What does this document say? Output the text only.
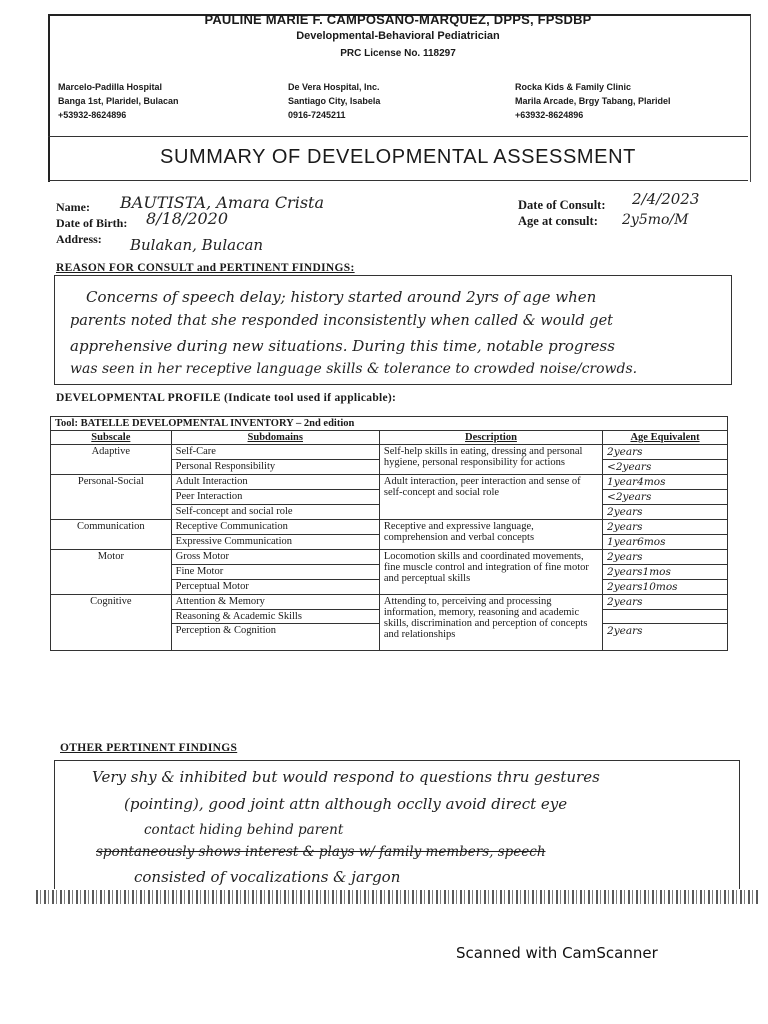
PAULINE MARIE F. CAMPOSANO-MARQUEZ, DPPS, FPSDBP
Developmental-Behavioral Pediatrician
PRC License No. 118297
Marcelo-Padilla Hospital
Banga 1st, Plaridel, Bulacan
+53932-8624896
De Vera Hospital, Inc.
Santiago City, Isabela
0916-7245211
Rocka Kids & Family Clinic
Marila Arcade, Brgy Tabang, Plaridel
+63932-8624896
SUMMARY OF DEVELOPMENTAL ASSESSMENT
Name: BAUTISTA, Amara Crista
Date of Birth: 8/18/2020
Address: Bulakan, Bulacan
Date of Consult: 2/4/2023
Age at consult: 2y5mo/M
REASON FOR CONSULT and PERTINENT FINDINGS:
Concerns of speech delay; history started around 2yrs of age when
parents noted that she responded inconsistently when called & would get
apprehensive during new situations. During this time, notable progress
was seen in her receptive language skills & tolerance to crowded noise/crowds.
DEVELOPMENTAL PROFILE (Indicate tool used if applicable):
Tool: BATELLE DEVELOPMENTAL INVENTORY – 2nd edition			
Subscale	Subdomains	Description	Age Equivalent
Adaptive	Self-Care	Self-help skills in eating, dressing and personal hygiene, personal responsibility for actions	2years
	Personal Responsibility		<2years
Personal-Social	Adult Interaction	Adult interaction, peer interaction and sense of self-concept and social role	1year4mos
	Peer Interaction		<2years
	Self-concept and social role		2years
Communication	Receptive Communication	Receptive and expressive language, comprehension and verbal concepts	2years
	Expressive Communication		1year6mos
Motor	Gross Motor	Locomotion skills and coordinated movements, fine muscle control and integration of fine motor and perceptual skills	2years
	Fine Motor		2years1mos
	Perceptual Motor		2years10mos
Cognitive	Attention & Memory	Attending to, perceiving and processing information, memory, reasoning and academic skills, discrimination and perception of concepts and relationships	2years
	Reasoning & Academic Skills		
	Perception & Cognition		2years
OTHER PERTINENT FINDINGS
Very shy & inhibited but would respond to questions thru gestures
(pointing), good joint attn although occlly avoid direct eye
contact hiding behind parent
spontaneously shows interest & plays w/ family members, speech
consisted of vocalizations & jargon
Scanned with CamScanner
